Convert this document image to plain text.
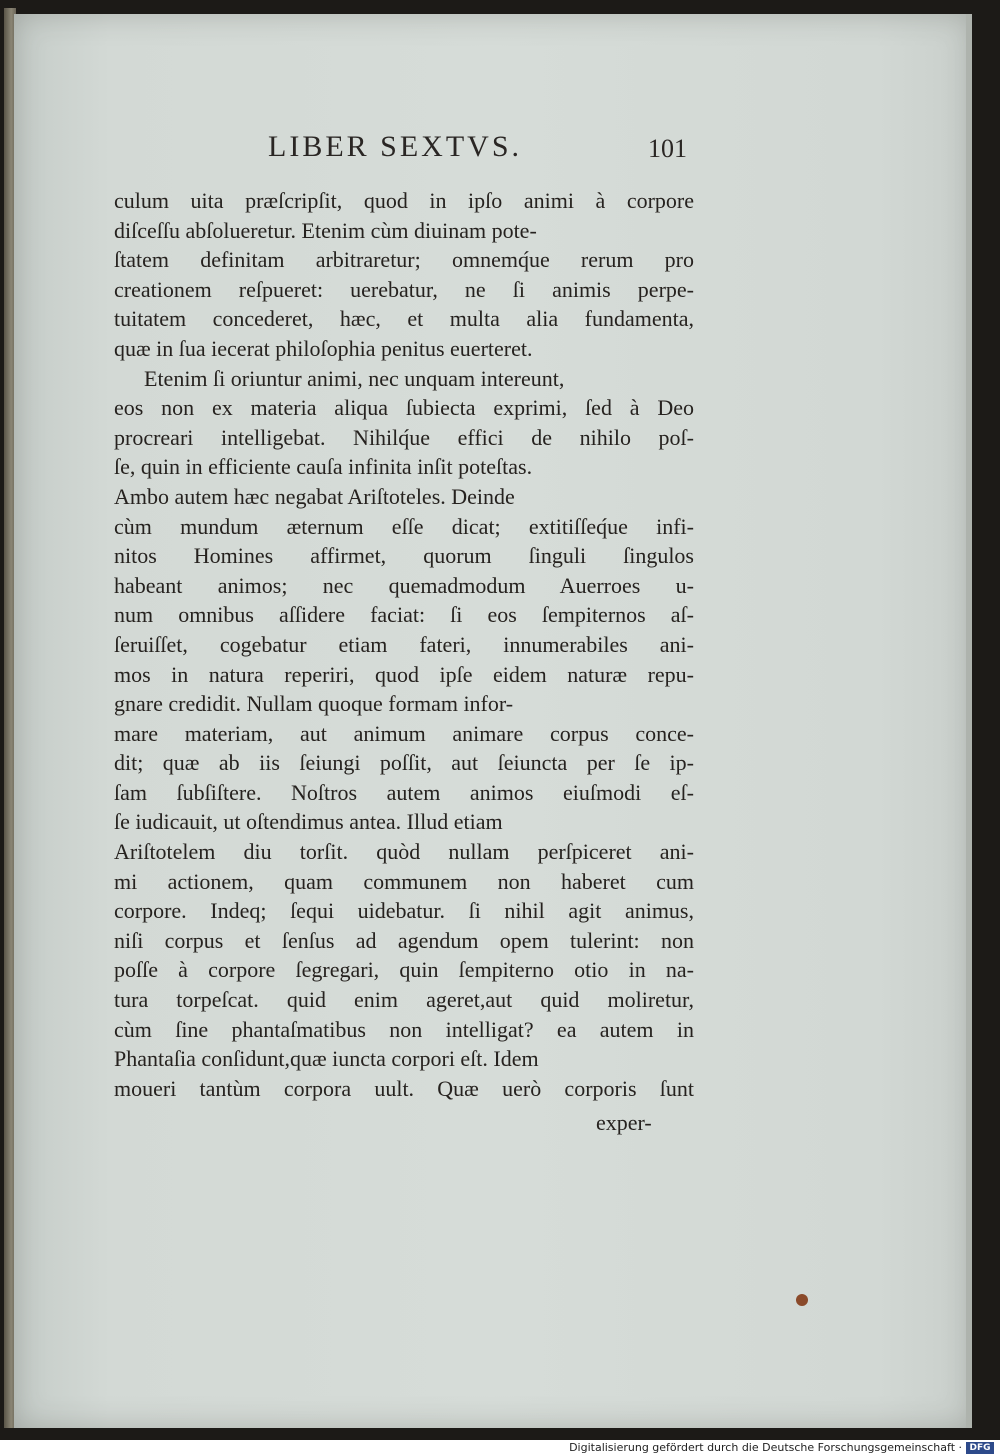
LIBER SEXTVS.	101
culum uita præſcripſit, quod in ipſo animi à corpore
diſceſſu abſolueretur. Etenim cùm diuinam pote-
ſtatem definitam arbitraretur; omnemq́ue rerum pro
creationem reſpueret: uerebatur, ne ſi animis perpe-
tuitatem concederet, hæc, et multa alia fundamenta,
quæ in ſua iecerat philoſophia penitus euerteret.
Etenim ſi oriuntur animi, nec unquam intereunt,
eos non ex materia aliqua ſubiecta exprimi, ſed à Deo
procreari intelligebat. Nihilq́ue effici de nihilo poſ-
ſe, quin in efficiente cauſa infinita inſit poteſtas.
Ambo autem hæc negabat Ariſtoteles. Deinde
cùm mundum æternum eſſe dicat; extitiſſeq́ue infi-
nitos Homines affirmet, quorum ſinguli ſingulos
habeant animos; nec quemadmodum Auerroes u-
num omnibus aſſidere faciat: ſi eos ſempiternos aſ-
ſeruiſſet, cogebatur etiam fateri, innumerabiles ani-
mos in natura reperiri, quod ipſe eidem naturæ repu-
gnare credidit. Nullam quoque formam infor-
mare materiam, aut animum animare corpus conce-
dit; quæ ab iis ſeiungi poſſit, aut ſeiuncta per ſe ip-
ſam ſubſiſtere. Noſtros autem animos eiuſmodi eſ-
ſe iudicauit, ut oſtendimus antea. Illud etiam
Ariſtotelem diu torſit. quòd nullam perſpiceret ani-
mi actionem, quam communem non haberet cum
corpore. Indeq; ſequi uidebatur. ſi nihil agit animus,
niſi corpus et ſenſus ad agendum opem tulerint: non
poſſe à corpore ſegregari, quin ſempiterno otio in na-
tura torpeſcat. quid enim ageret,aut quid moliretur,
cùm ſine phantaſmatibus non intelligat? ea autem in
Phantaſia conſidunt,quæ iuncta corpori eſt. Idem
moueri tantùm corpora uult. Quæ uerò corporis ſunt
exper-
Digitalisierung gefördert durch die Deutsche Forschungsgemeinschaft · DFG
